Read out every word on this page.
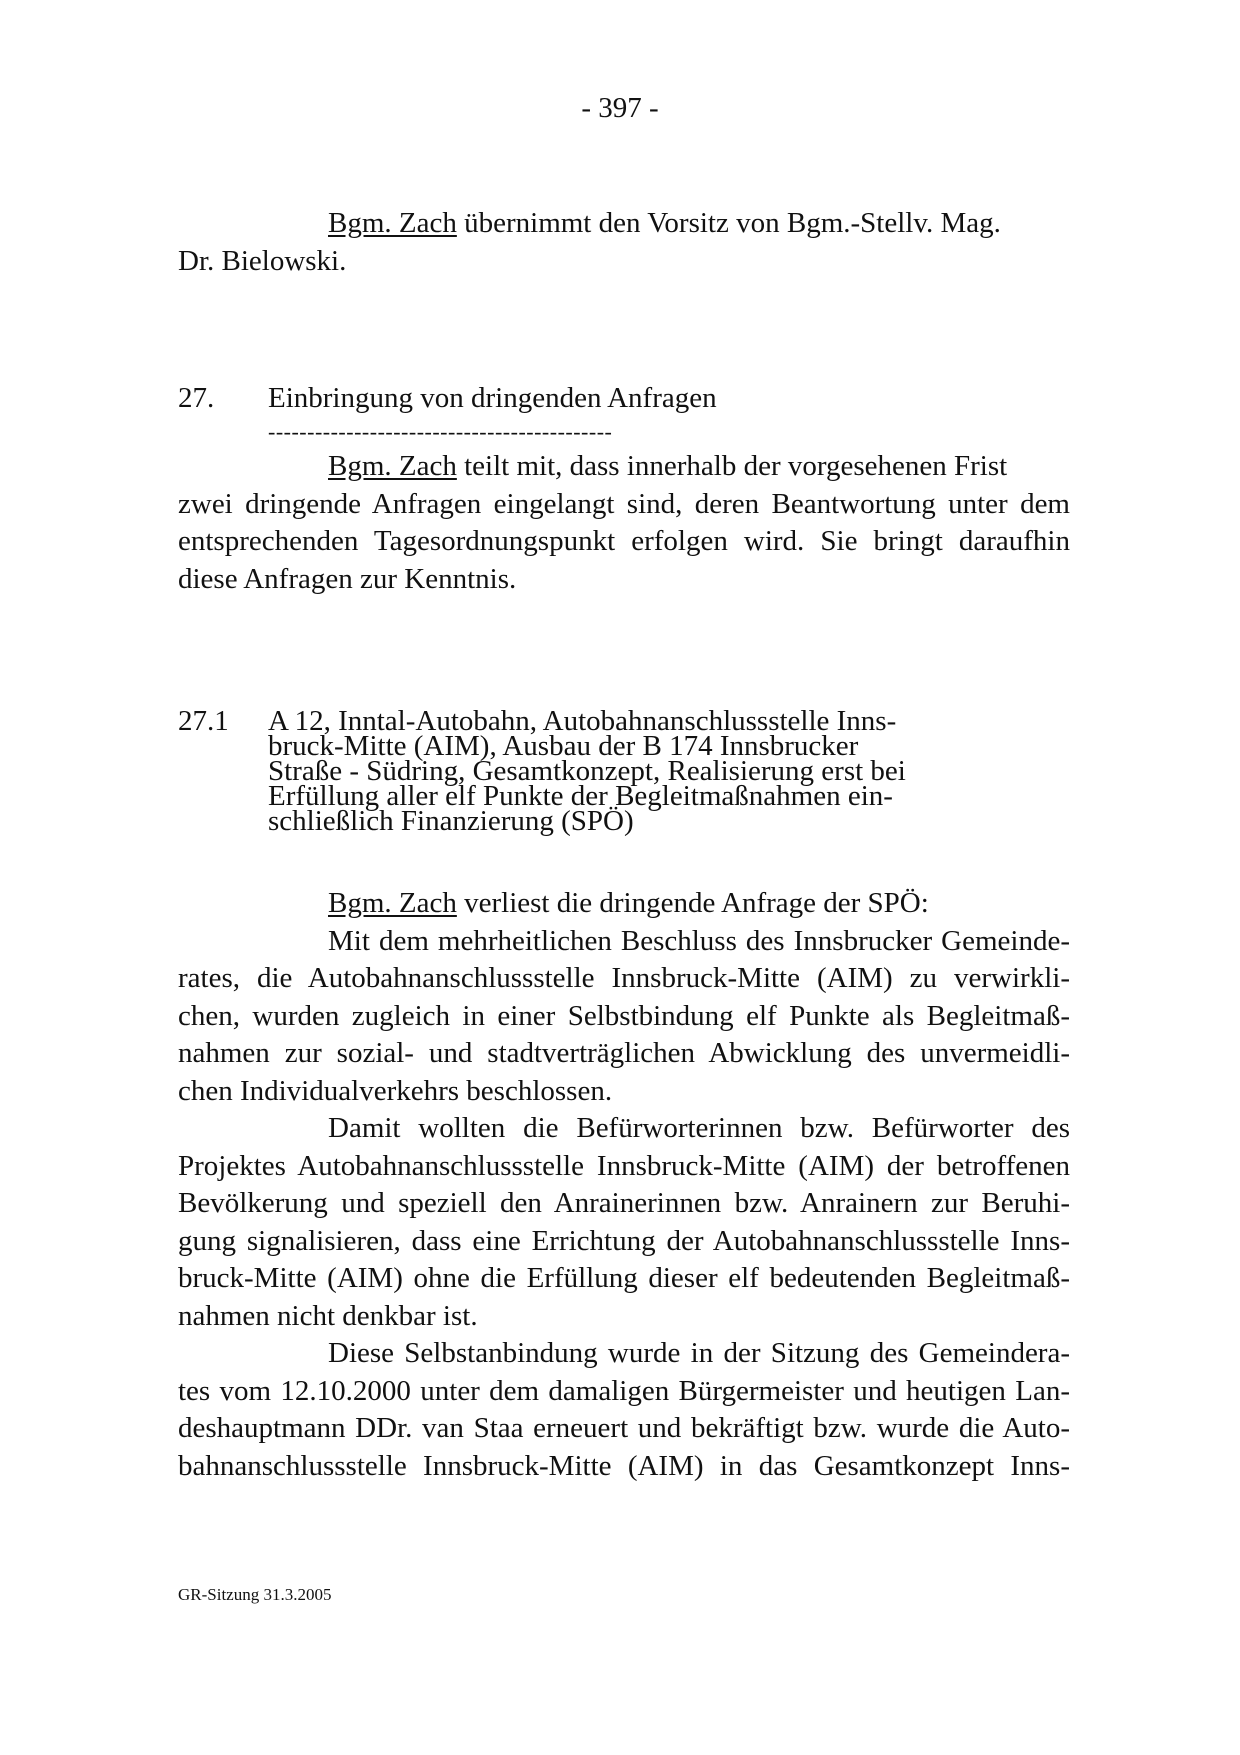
- 397 -
Bgm. Zach übernimmt den Vorsitz von Bgm.-Stellv. Mag.
Dr. Bielowski.
27. Einbringung von dringenden Anfragen
--------------------------------------------
Bgm. Zach teilt mit, dass innerhalb der vorgesehenen Frist
zwei dringende Anfragen eingelangt sind, deren Beantwortung unter dem
entsprechenden Tagesordnungspunkt erfolgen wird. Sie bringt daraufhin
diese Anfragen zur Kenntnis.
27.1 A 12, Inntal-Autobahn, Autobahnanschlussstelle Inns-
bruck-Mitte (AIM), Ausbau der B 174 Innsbrucker
Straße - Südring, Gesamtkonzept, Realisierung erst bei
Erfüllung aller elf Punkte der Begleitmaßnahmen ein-
schließlich Finanzierung (SPÖ)
Bgm. Zach verliest die dringende Anfrage der SPÖ:
Mit dem mehrheitlichen Beschluss des Innsbrucker Gemeinde-
rates, die Autobahnanschlussstelle Innsbruck-Mitte (AIM) zu verwirkli-
chen, wurden zugleich in einer Selbstbindung elf Punkte als Begleitmaß-
nahmen zur sozial- und stadtverträglichen Abwicklung des unvermeidli-
chen Individualverkehrs beschlossen.
Damit wollten die Befürworterinnen bzw. Befürworter des
Projektes Autobahnanschlussstelle Innsbruck-Mitte (AIM) der betroffenen
Bevölkerung und speziell den Anrainerinnen bzw. Anrainern zur Beruhi-
gung signalisieren, dass eine Errichtung der Autobahnanschlussstelle Inns-
bruck-Mitte (AIM) ohne die Erfüllung dieser elf bedeutenden Begleitmaß-
nahmen nicht denkbar ist.
Diese Selbstanbindung wurde in der Sitzung des Gemeindera-
tes vom 12.10.2000 unter dem damaligen Bürgermeister und heutigen Lan-
deshauptmann DDr. van Staa erneuert und bekräftigt bzw. wurde die Auto-
bahnanschlussstelle Innsbruck-Mitte (AIM) in das Gesamtkonzept Inns-
GR-Sitzung 31.3.2005
